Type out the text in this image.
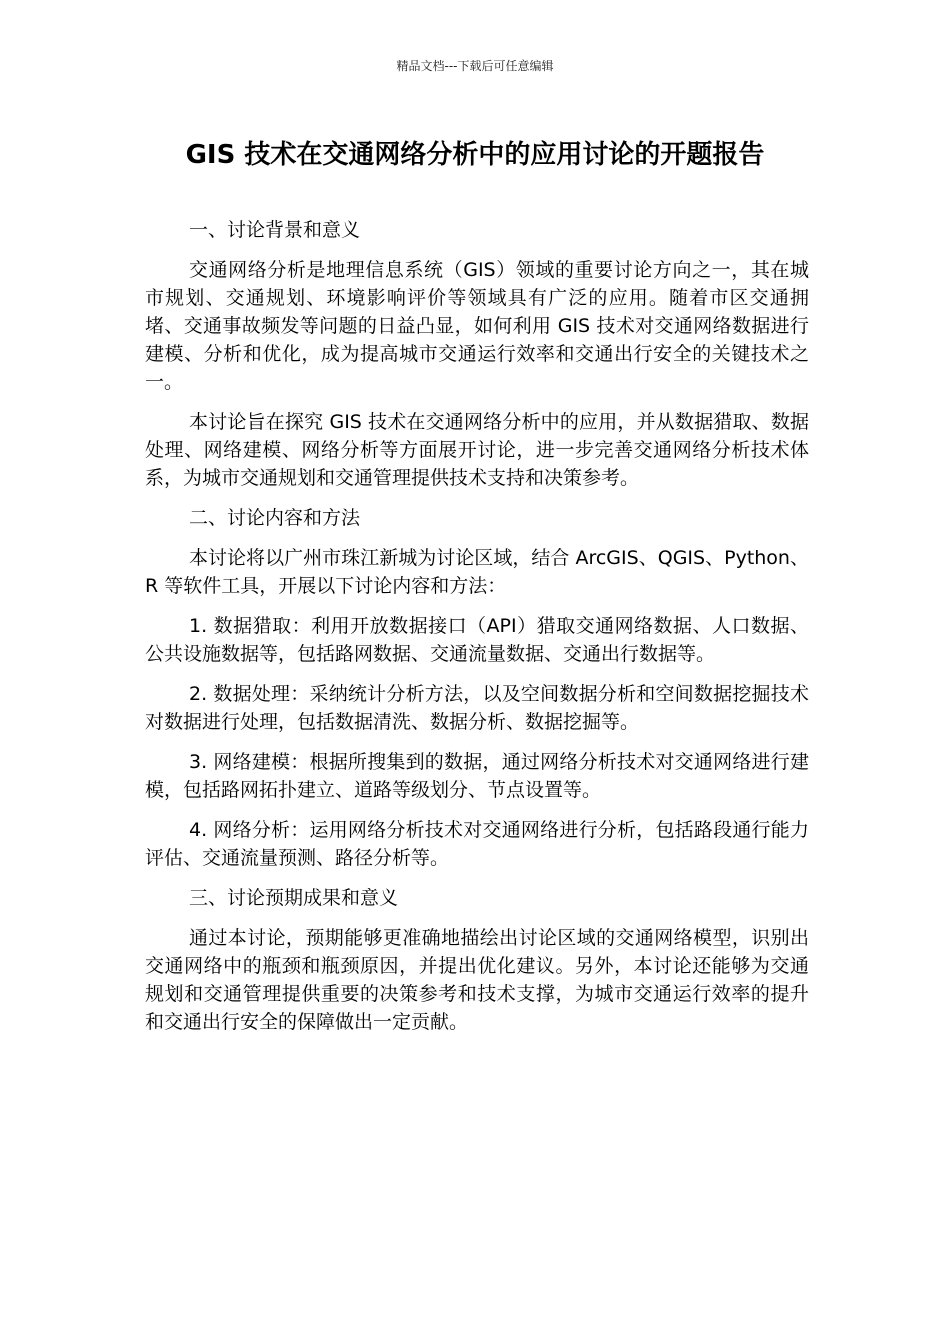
精品文档---下载后可任意编辑
GIS 技术在交通网络分析中的应用讨论的开题报告

一、讨论背景和意义

交通网络分析是地理信息系统（GIS）领域的重要讨论方向之一，其在城市规划、交通规划、环境影响评价等领域具有广泛的应用。随着市区交通拥堵、交通事故频发等问题的日益凸显，如何利用 GIS 技术对交通网络数据进行建模、分析和优化，成为提高城市交通运行效率和交通出行安全的关键技术之一。

本讨论旨在探究 GIS 技术在交通网络分析中的应用，并从数据猎取、数据处理、网络建模、网络分析等方面展开讨论，进一步完善交通网络分析技术体系，为城市交通规划和交通管理提供技术支持和决策参考。

二、讨论内容和方法

本讨论将以广州市珠江新城为讨论区域，结合 ArcGIS、QGIS、Python、R 等软件工具，开展以下讨论内容和方法：

1. 数据猎取：利用开放数据接口（API）猎取交通网络数据、人口数据、公共设施数据等，包括路网数据、交通流量数据、交通出行数据等。

2. 数据处理：采纳统计分析方法，以及空间数据分析和空间数据挖掘技术对数据进行处理，包括数据清洗、数据分析、数据挖掘等。

3. 网络建模：根据所搜集到的数据，通过网络分析技术对交通网络进行建模，包括路网拓扑建立、道路等级划分、节点设置等。

4. 网络分析：运用网络分析技术对交通网络进行分析，包括路段通行能力评估、交通流量预测、路径分析等。

三、讨论预期成果和意义

通过本讨论，预期能够更准确地描绘出讨论区域的交通网络模型，识别出交通网络中的瓶颈和瓶颈原因，并提出优化建议。另外，本讨论还能够为交通规划和交通管理提供重要的决策参考和技术支撑，为城市交通运行效率的提升和交通出行安全的保障做出一定贡献。
